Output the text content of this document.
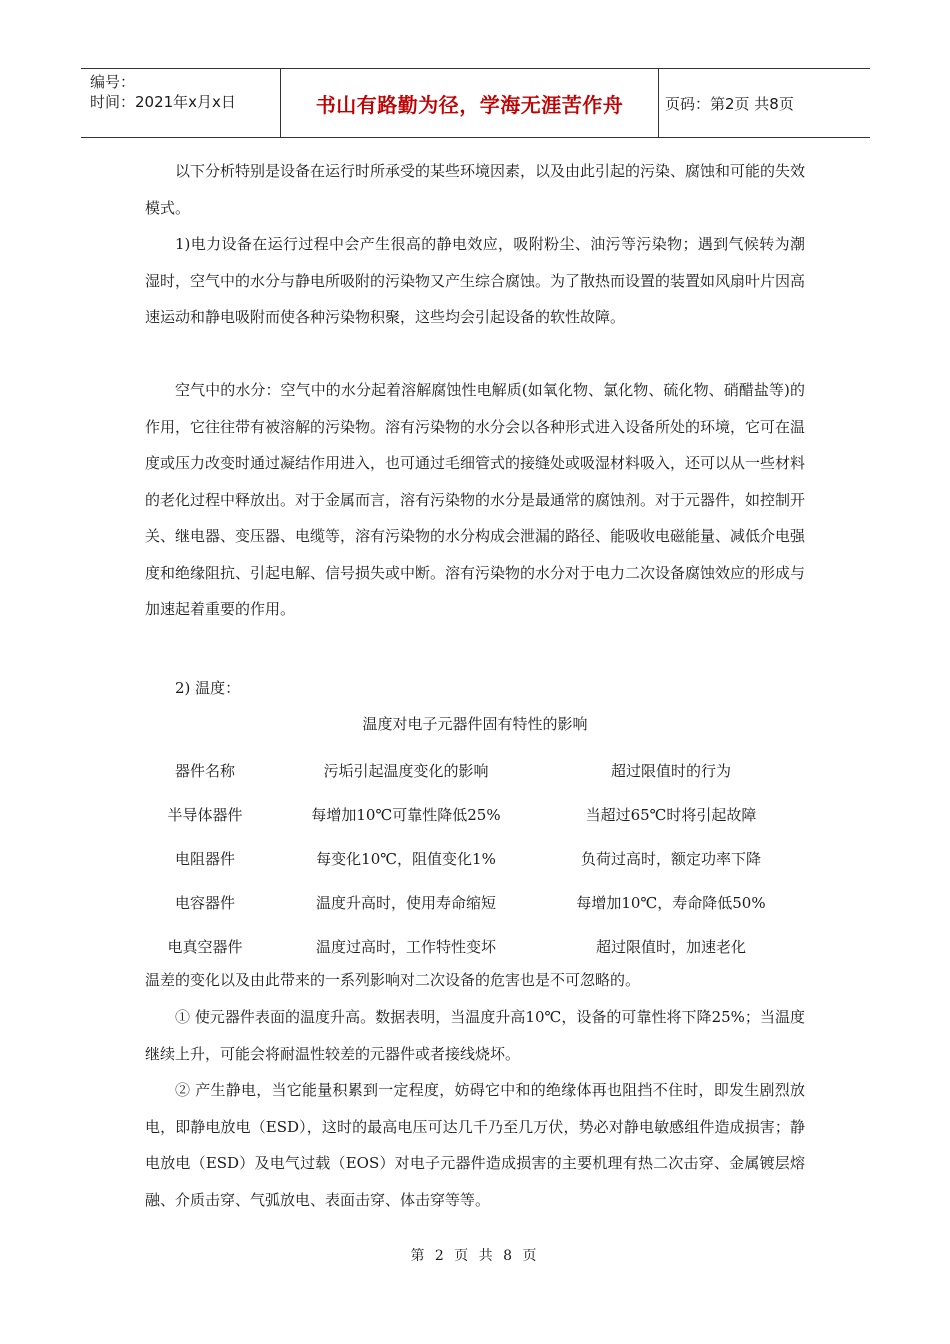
编号：
时间：2021年x月x日	书山有路勤为径，学海无涯苦作舟	页码：第2页 共8页

以下分析特别是设备在运行时所承受的某些环境因素，以及由此引起的污染、腐蚀和可能的失效模式。

1)电力设备在运行过程中会产生很高的静电效应，吸附粉尘、油污等污染物；遇到气候转为潮湿时，空气中的水分与静电所吸附的污染物又产生综合腐蚀。为了散热而设置的装置如风扇叶片因高速运动和静电吸附而使各种污染物积聚，这些均会引起设备的软性故障。

空气中的水分：空气中的水分起着溶解腐蚀性电解质(如氧化物、氯化物、硫化物、硝醋盐等)的作用，它往往带有被溶解的污染物。溶有污染物的水分会以各种形式进入设备所处的环境，它可在温度或压力改变时通过凝结作用进入，也可通过毛细管式的接缝处或吸湿材料吸入，还可以从一些材料的老化过程中释放出。对于金属而言，溶有污染物的水分是最通常的腐蚀剂。对于元器件，如控制开关、继电器、变压器、电缆等，溶有污染物的水分构成会泄漏的路径、能吸收电磁能量、减低介电强度和绝缘阻抗、引起电解、信号损失或中断。溶有污染物的水分对于电力二次设备腐蚀效应的形成与加速起着重要的作用。

2) 温度：

温度对电子元器件固有特性的影响
器件名称	污垢引起温度变化的影响	超过限值时的行为
半导体器件	每增加10℃可靠性降低25%	当超过65℃时将引起故障
电阻器件	每变化10℃，阻值变化1%	负荷过高时，额定功率下降
电容器件	温度升高时，使用寿命缩短	每增加10℃，寿命降低50%
电真空器件	温度过高时，工作特性变坏	超过限值时，加速老化

温差的变化以及由此带来的一系列影响对二次设备的危害也是不可忽略的。

① 使元器件表面的温度升高。数据表明，当温度升高10℃，设备的可靠性将下降25%；当温度继续上升，可能会将耐温性较差的元器件或者接线烧坏。

② 产生静电，当它能量积累到一定程度，妨碍它中和的绝缘体再也阻挡不住时，即发生剧烈放电，即静电放电（ESD），这时的最高电压可达几千乃至几万伏，势必对静电敏感组件造成损害；静电放电（ESD）及电气过载（EOS）对电子元器件造成损害的主要机理有热二次击穿、金属镀层熔融、介质击穿、气弧放电、表面击穿、体击穿等等。

第 2 页 共 8 页
